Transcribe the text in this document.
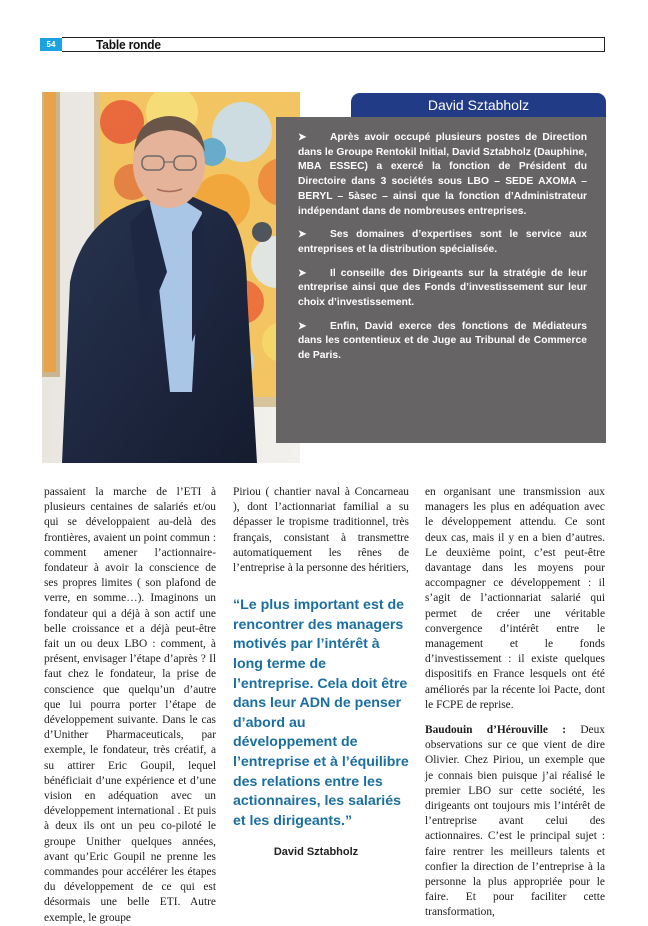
54	Table ronde
David Sztabholz
➤ Après avoir occupé plusieurs postes de Direction dans le Groupe Rentokil Initial, David Sztabholz (Dauphine, MBA ESSEC) a exercé la fonction de Président du Directoire dans 3 sociétés sous LBO – SEDE AXOMA – BERYL – 5àsec – ainsi que la fonction d’Administrateur indépendant dans de nombreuses entreprises.
➤ Ses domaines d’expertises sont le service aux entreprises et la distribution spécialisée.
➤ Il conseille des Dirigeants sur la stratégie de leur entreprise ainsi que des Fonds d’investissement sur leur choix d’investissement.
➤ Enfin, David exerce des fonctions de Médiateurs dans les contentieux et de Juge au Tribunal de Commerce de Paris.

passaient la marche de l’ETI à plusieurs centaines de salariés et/ou qui se développaient au-delà des frontières, avaient un point commun : comment amener l’actionnaire-fondateur à avoir la conscience de ses propres limites ( son plafond de verre, en somme…). Imaginons un fondateur qui a déjà à son actif une belle croissance et a déjà peut-être fait un ou deux LBO : comment, à présent, envisager l’étape d’après ? Il faut chez le fondateur, la prise de conscience que quelqu’un d’autre que lui pourra porter l’étape de développement suivante. Dans le cas d’Unither Pharmaceuticals, par exemple, le fondateur, très créatif, a su attirer Eric Goupil, lequel bénéficiait d’une expérience et d’une vision en adéquation avec un développement international . Et puis à deux ils ont un peu co-piloté le groupe Unither quelques années, avant qu’Eric Goupil ne prenne les commandes pour accélérer les étapes du développement de ce qui est désormais une belle ETI. Autre exemple, le groupe

Piriou ( chantier naval à Concarneau ), dont l’actionnariat familial a su dépasser le tropisme traditionnel, très français, consistant à transmettre automatiquement les rênes de l’entreprise à la personne des héritiers,

“Le plus important est de rencontrer des managers motivés par l’intérêt à long terme de l’entreprise. Cela doit être dans leur ADN de penser d’abord au développement de l’entreprise et à l’équilibre des relations entre les actionnaires, les salariés et les dirigeants.”
David Sztabholz

en organisant une transmission aux managers les plus en adéquation avec le développement attendu. Ce sont deux cas, mais il y en a bien d’autres. Le deuxième point, c’est peut-être davantage dans les moyens pour accompagner ce développement : il s’agit de l’actionnariat salarié qui permet de créer une véritable convergence d’intérêt entre le management et le fonds d’investissement : il existe quelques dispositifs en France lesquels ont été améliorés par la récente loi Pacte, dont le FCPE de reprise.

Baudouin d’Hérouville : Deux observations sur ce que vient de dire Olivier. Chez Piriou, un exemple que je connais bien puisque j’ai réalisé le premier LBO sur cette société, les dirigeants ont toujours mis l’intérêt de l’entreprise avant celui des actionnaires. C’est le principal sujet : faire rentrer les meilleurs talents et confier la direction de l’entreprise à la personne la plus appropriée pour le faire. Et pour faciliter cette transformation,
